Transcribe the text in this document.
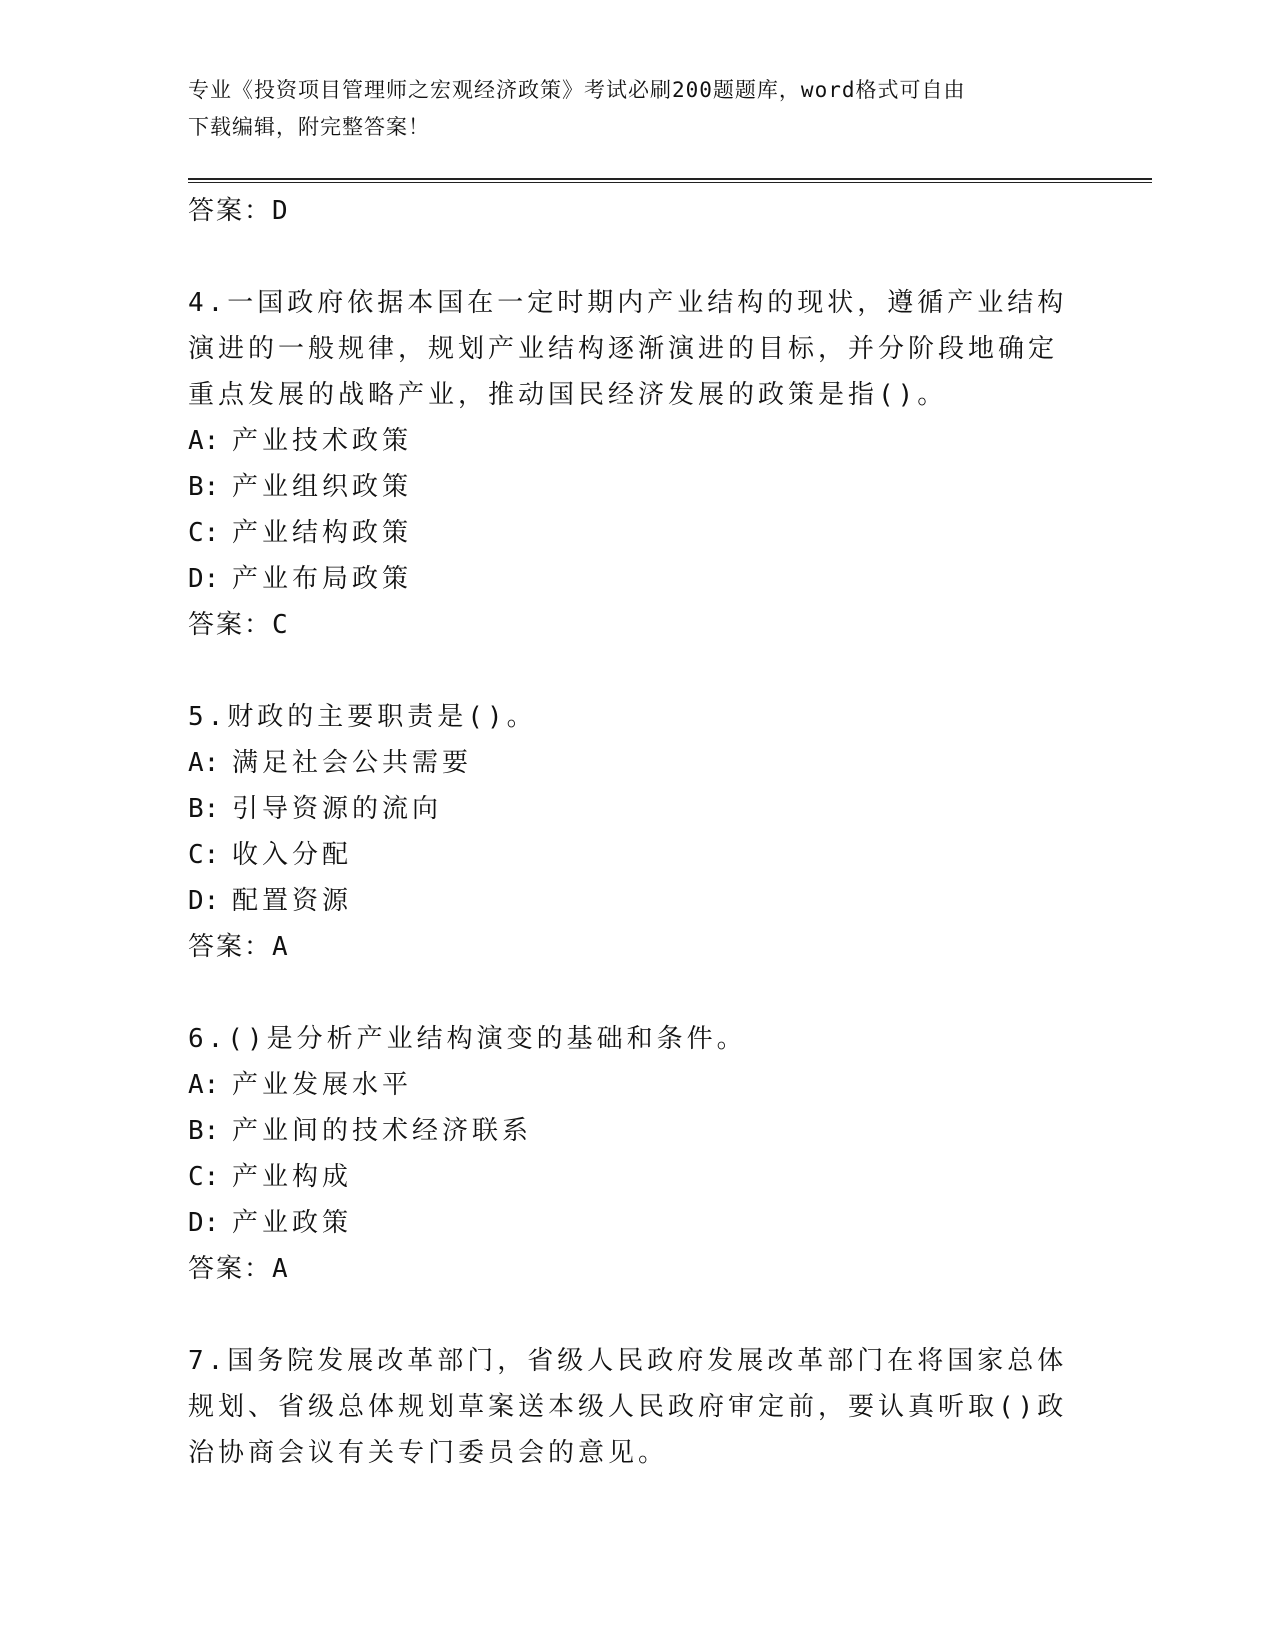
专业《投资项目管理师之宏观经济政策》考试必刷200题题库，word格式可自由
下载编辑，附完整答案！
答案：D
4.一国政府依据本国在一定时期内产业结构的现状，遵循产业结构演进的一般规律，规划产业结构逐渐演进的目标，并分阶段地确定重点发展的战略产业，推动国民经济发展的政策是指()。
A: 产业技术政策
B: 产业组织政策
C: 产业结构政策
D: 产业布局政策
答案：C
5.财政的主要职责是()。
A: 满足社会公共需要
B: 引导资源的流向
C: 收入分配
D: 配置资源
答案：A
6.()是分析产业结构演变的基础和条件。
A: 产业发展水平
B: 产业间的技术经济联系
C: 产业构成
D: 产业政策
答案：A
7.国务院发展改革部门，省级人民政府发展改革部门在将国家总体规划、省级总体规划草案送本级人民政府审定前，要认真听取()政治协商会议有关专门委员会的意见。
